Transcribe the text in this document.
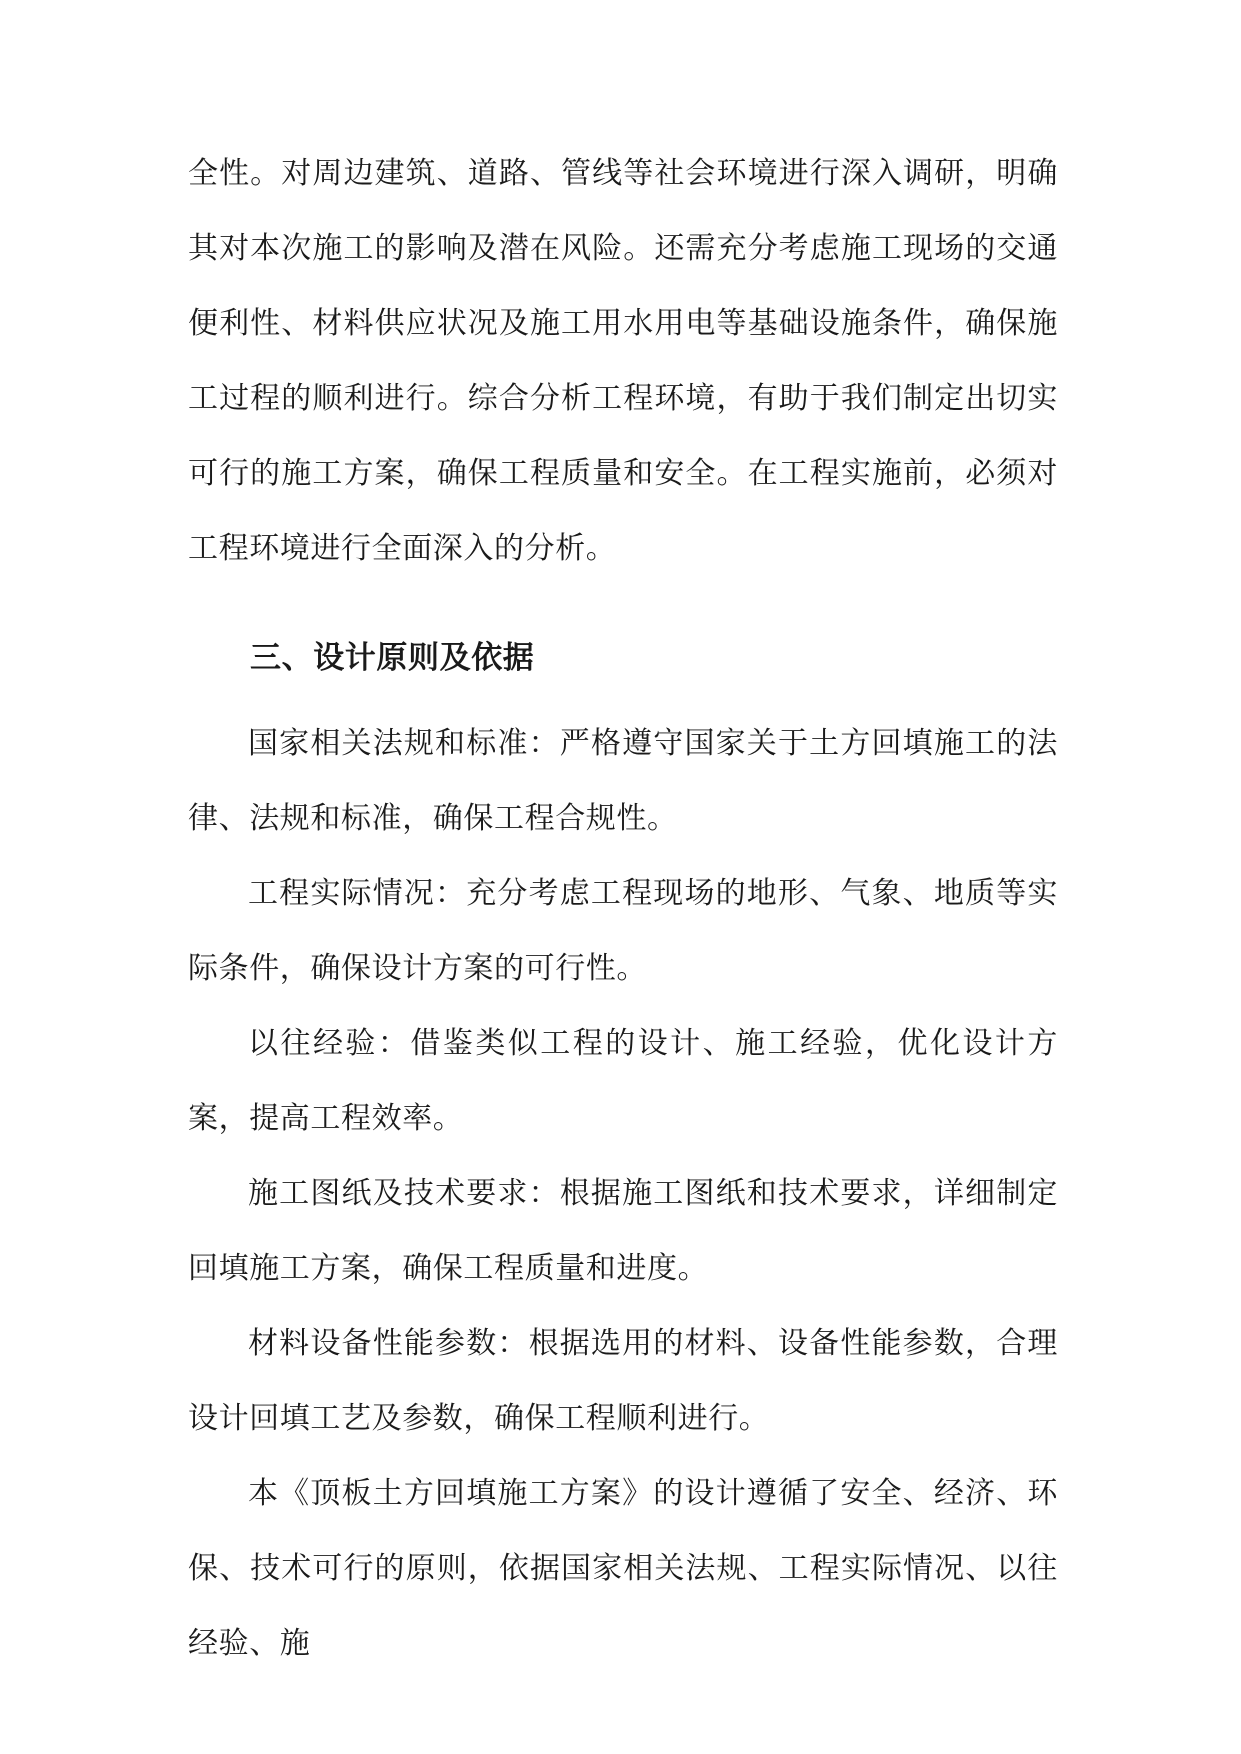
全性。对周边建筑、道路、管线等社会环境进行深入调研，明确其对本次施工的影响及潜在风险。还需充分考虑施工现场的交通便利性、材料供应状况及施工用水用电等基础设施条件，确保施工过程的顺利进行。综合分析工程环境，有助于我们制定出切实可行的施工方案，确保工程质量和安全。在工程实施前，必须对工程环境进行全面深入的分析。

三、设计原则及依据

国家相关法规和标准：严格遵守国家关于土方回填施工的法律、法规和标准，确保工程合规性。

工程实际情况：充分考虑工程现场的地形、气象、地质等实际条件，确保设计方案的可行性。

以往经验：借鉴类似工程的设计、施工经验，优化设计方案，提高工程效率。

施工图纸及技术要求：根据施工图纸和技术要求，详细制定回填施工方案，确保工程质量和进度。

材料设备性能参数：根据选用的材料、设备性能参数，合理设计回填工艺及参数，确保工程顺利进行。

本《顶板土方回填施工方案》的设计遵循了安全、经济、环保、技术可行的原则，依据国家相关法规、工程实际情况、以往经验、施
